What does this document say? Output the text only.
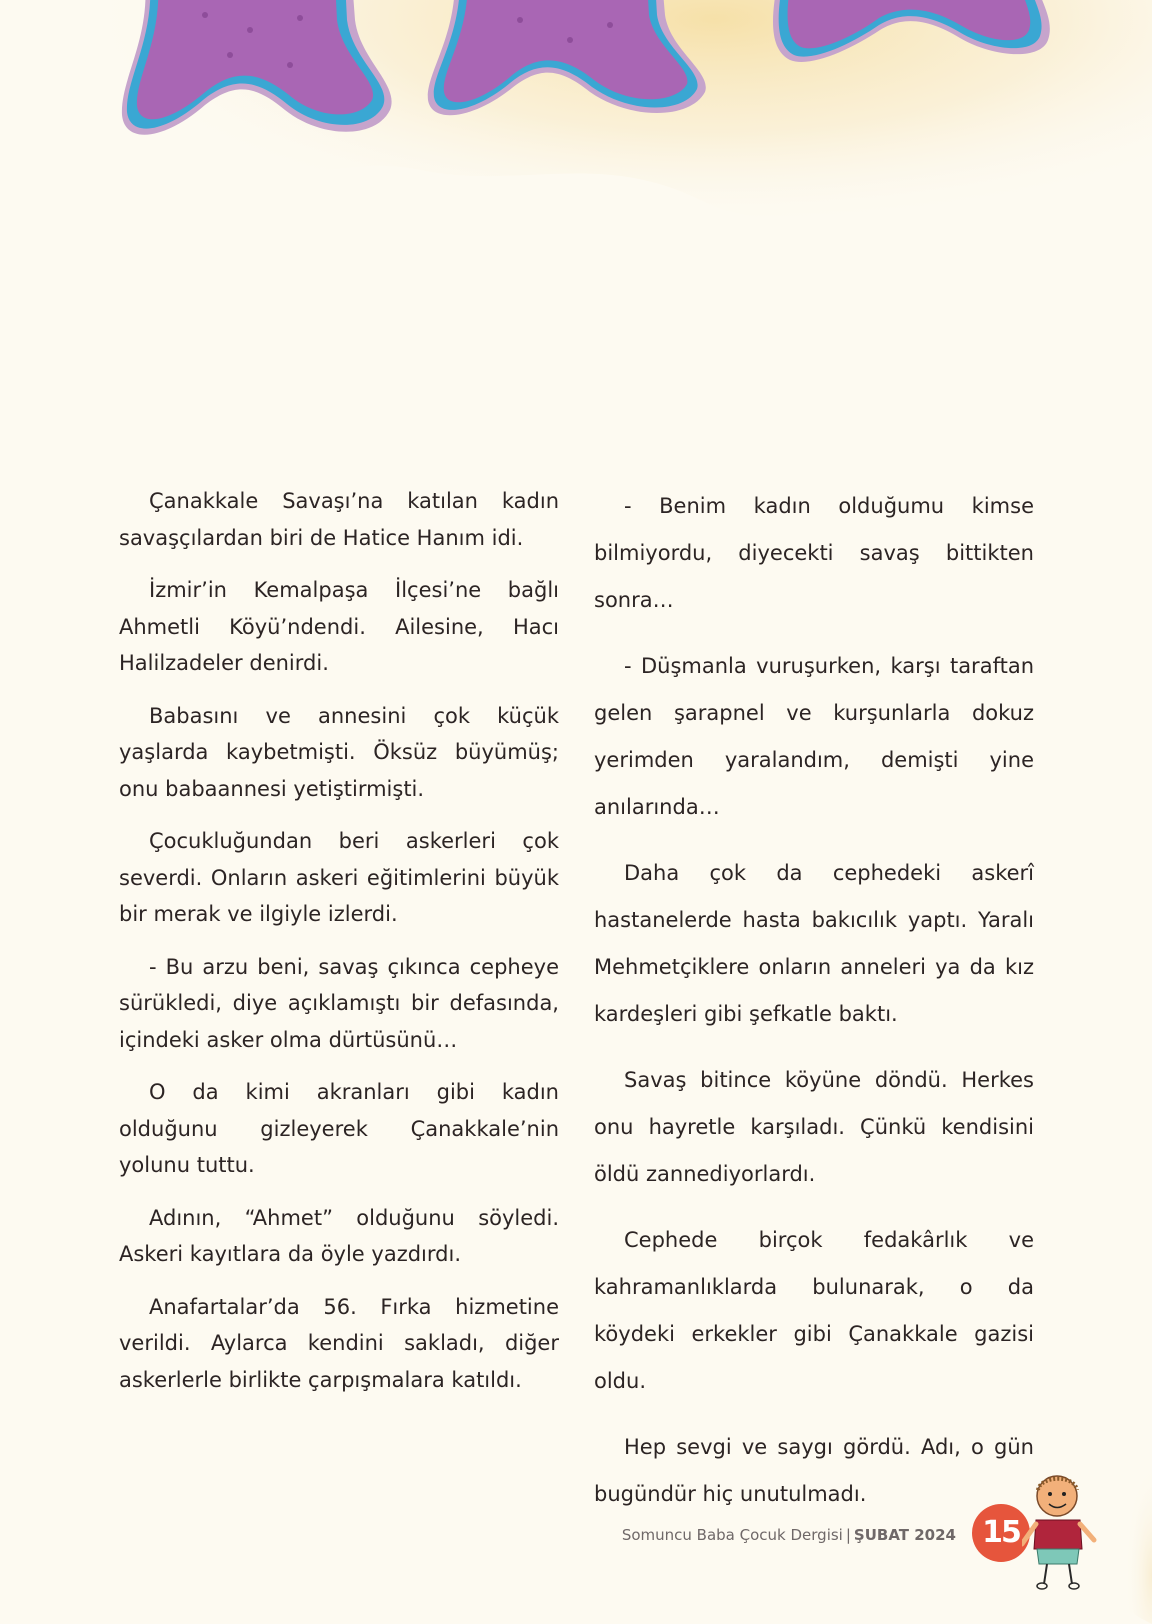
Çanakkale Savaşı’na katılan kadın savaşçılardan biri de Hatice Hanım idi.

İzmir’in Kemalpaşa İlçesi’ne bağlı Ahmetli Köyü’ndendi. Ailesine, Hacı Halilzadeler denirdi.

Babasını ve annesini çok küçük yaşlarda kaybetmişti. Öksüz büyümüş; onu babaannesi yetiştirmişti.

Çocukluğundan beri askerleri çok severdi. Onların askeri eğitimlerini büyük bir merak ve ilgiyle izlerdi.

- Bu arzu beni, savaş çıkınca cepheye sürükledi, diye açıklamıştı bir defasında, içindeki asker olma dürtüsünü…

O da kimi akranları gibi kadın olduğunu gizleyerek Çanakkale’nin yolunu tuttu.

Adının, “Ahmet” olduğunu söyledi. Askeri kayıtlara da öyle yazdırdı.

Anafartalar’da 56. Fırka hizmetine verildi. Aylarca kendini sakladı, diğer askerlerle birlikte çarpışmalara katıldı.

- Benim kadın olduğumu kimse bilmiyordu, diyecekti savaş bittikten sonra…

- Düşmanla vuruşurken, karşı taraftan gelen şarapnel ve kurşunlarla dokuz yerimden yaralandım, demişti yine anılarında…

Daha çok da cephedeki askerî hastanelerde hasta bakıcılık yaptı. Yaralı Mehmetçiklere onların anneleri ya da kız kardeşleri gibi şefkatle baktı.

Savaş bitince köyüne döndü. Herkes onu hayretle karşıladı. Çünkü kendisini öldü zannediyorlardı.

Cephede birçok fedakârlık ve kahramanlıklarda bulunarak, o da köydeki erkekler gibi Çanakkale gazisi oldu.

Hep sevgi ve saygı gördü. Adı, o gün bugündür hiç unutulmadı.

Somuncu Baba Çocuk Dergisi | ŞUBAT 2024 15
